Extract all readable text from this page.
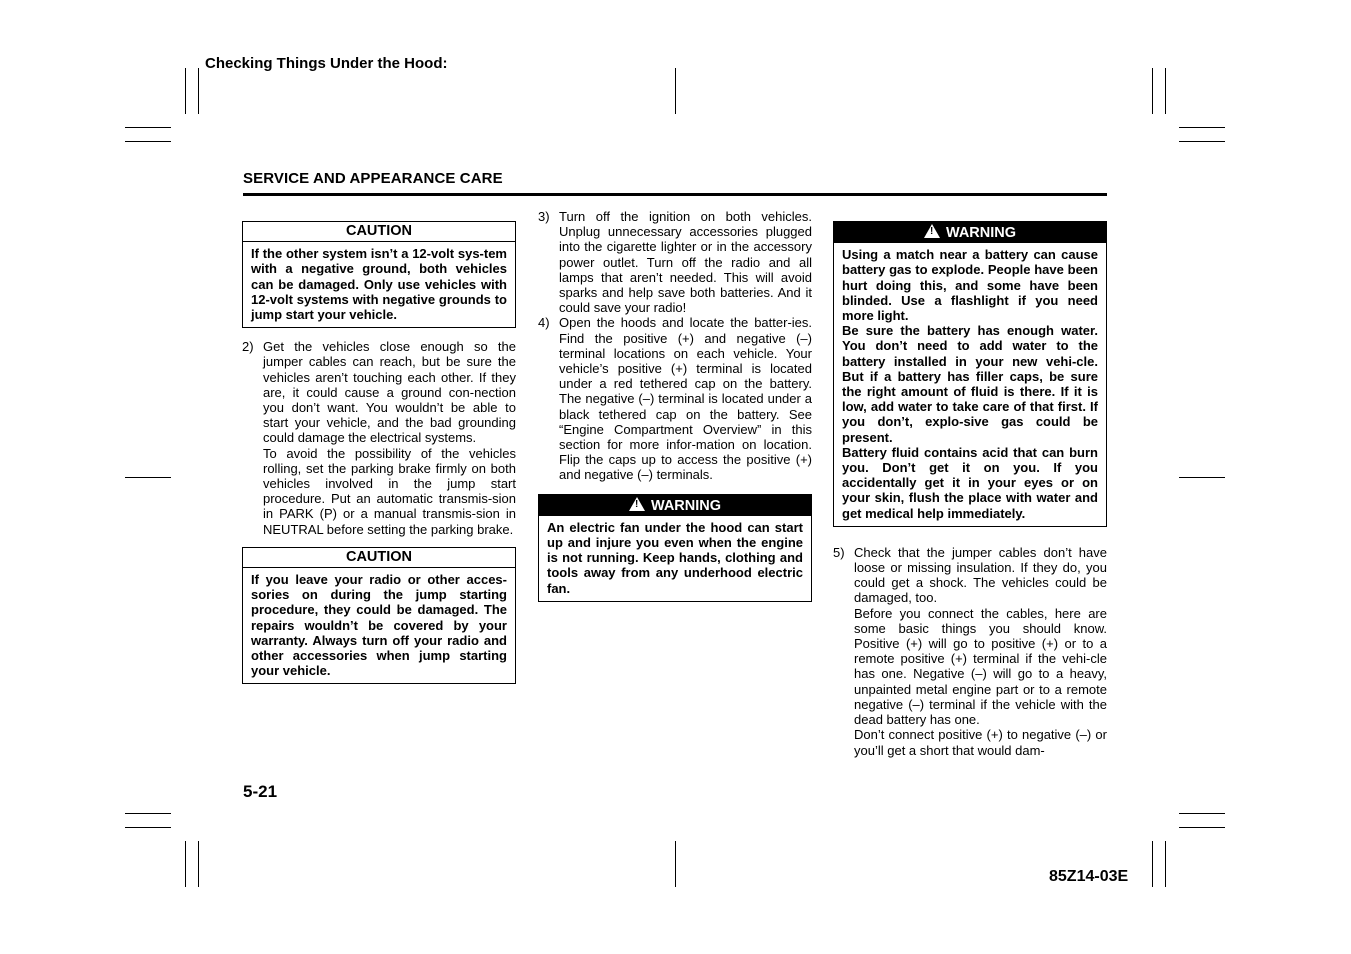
Checking Things Under the Hood:
SERVICE AND APPEARANCE CARE
CAUTION
If the other system isn’t a 12-volt sys-tem with a negative ground, both vehicles can be damaged. Only use vehicles with 12-volt systems with negative grounds to jump start your vehicle.
2) Get the vehicles close enough so the jumper cables can reach, but be sure the vehicles aren’t touching each other. If they are, it could cause a ground con-nection you don’t want. You wouldn’t be able to start your vehicle, and the bad grounding could damage the electrical systems.

To avoid the possibility of the vehicles rolling, set the parking brake firmly on both vehicles involved in the jump start procedure. Put an automatic transmis-sion in PARK (P) or a manual transmis-sion in NEUTRAL before setting the parking brake.

CAUTION
If you leave your radio or other acces-sories on during the jump starting procedure, they could be damaged. The repairs wouldn’t be covered by your warranty. Always turn off your radio and other accessories when jump starting your vehicle.
3) Turn off the ignition on both vehicles. Unplug unnecessary accessories plugged into the cigarette lighter or in the accessory power outlet. Turn off the radio and all lamps that aren’t needed. This will avoid sparks and help save both batteries. And it could save your radio!

4) Open the hoods and locate the batter-ies. Find the positive (+) and negative (–) terminal locations on each vehicle. Your vehicle’s positive (+) terminal is located under a red tethered cap on the battery. The negative (–) terminal is located under a black tethered cap on the battery. See “Engine Compartment Overview” in this section for more infor-mation on location. Flip the caps up to access the positive (+) and negative (–) terminals.

!WARNING
An electric fan under the hood can start up and injure you even when the engine is not running. Keep hands, clothing and tools away from any underhood electric fan.
!WARNING
Using a match near a battery can cause battery gas to explode. People have been hurt doing this, and some have been blinded. Use a flashlight if you need more light.
Be sure the battery has enough water. You don’t need to add water to the battery installed in your new vehi-cle. But if a battery has filler caps, be sure the right amount of fluid is there. If it is low, add water to take care of that first. If you don’t, explo-sive gas could be present.
Battery fluid contains acid that can burn you. Don’t get it on you. If you accidentally get it in your eyes or on your skin, flush the place with water and get medical help immediately.
5) Check that the jumper cables don’t have loose or missing insulation. If they do, you could get a shock. The vehicles could be damaged, too.

Before you connect the cables, here are some basic things you should know. Positive (+) will go to positive (+) or to a remote positive (+) terminal if the vehi-cle has one. Negative (–) will go to a heavy, unpainted metal engine part or to a remote negative (–) terminal if the vehicle with the dead battery has one.

Don’t connect positive (+) to negative (–) or you’ll get a short that would dam-

5-21
85Z14-03E
